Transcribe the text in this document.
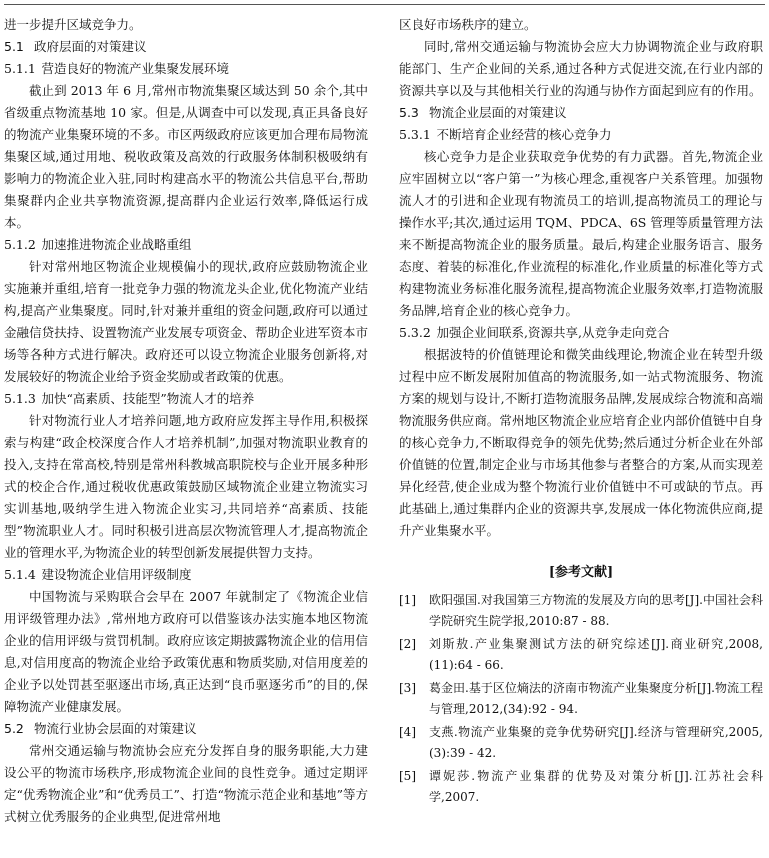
进一步提升区域竞争力。

5.1 政府层面的对策建议
5.1.1 营造良好的物流产业集聚发展环境

截止到 2013 年 6 月,常州市物流集聚区域达到 50 余个,其中省级重点物流基地 10 家。但是,从调查中可以发现,真正具备良好的物流产业集聚环境的不多。市区两级政府应该更加合理布局物流集聚区域,通过用地、税收政策及高效的行政服务体制积极吸纳有影响力的物流企业入驻,同时构建高水平的物流公共信息平台,帮助集聚群内企业共享物流资源,提高群内企业运行效率,降低运行成本。

5.1.2 加速推进物流企业战略重组

针对常州地区物流企业规模偏小的现状,政府应鼓励物流企业实施兼并重组,培育一批竞争力强的物流龙头企业,优化物流产业结构,提高产业集聚度。同时,针对兼并重组的资金问题,政府可以通过金融信贷扶持、设置物流产业发展专项资金、帮助企业进军资本市场等各种方式进行解决。政府还可以设立物流企业服务创新将,对发展较好的物流企业给予资金奖励或者政策的优惠。

5.1.3 加快“高素质、技能型”物流人才的培养

针对物流行业人才培养问题,地方政府应发挥主导作用,积极探索与构建“政企校深度合作人才培养机制”,加强对物流职业教育的投入,支持在常高校,特别是常州科教城高职院校与企业开展多种形式的校企合作,通过税收优惠政策鼓励区域物流企业建立物流实习实训基地,吸纳学生进入物流企业实习,共同培养“高素质、技能型”物流职业人才。同时积极引进高层次物流管理人才,提高物流企业的管理水平,为物流企业的转型创新发展提供智力支持。

5.1.4 建设物流企业信用评级制度

中国物流与采购联合会早在 2007 年就制定了《物流企业信用评级管理办法》,常州地方政府可以借鉴该办法实施本地区物流企业的信用评级与赏罚机制。政府应该定期披露物流企业的信用信息,对信用度高的物流企业给予政策优惠和物质奖励,对信用度差的企业予以处罚甚至驱逐出市场,真正达到“良币驱逐劣币”的目的,保障物流产业健康发展。

5.2 物流行业协会层面的对策建议

常州交通运输与物流协会应充分发挥自身的服务职能,大力建设公平的物流市场秩序,形成物流企业间的良性竞争。通过定期评定“优秀物流企业”和“优秀员工”、打造“物流示范企业和基地”等方式树立优秀服务的企业典型,促进常州地

区良好市场秩序的建立。

同时,常州交通运输与物流协会应大力协调物流企业与政府职能部门、生产企业间的关系,通过各种方式促进交流,在行业内部的资源共享以及与其他相关行业的沟通与协作方面起到应有的作用。

5.3 物流企业层面的对策建议
5.3.1 不断培育企业经营的核心竞争力

核心竞争力是企业获取竞争优势的有力武器。首先,物流企业应牢固树立以“客户第一”为核心理念,重视客户关系管理。加强物流人才的引进和企业现有物流员工的培训,提高物流员工的理论与操作水平;其次,通过运用 TQM、PDCA、6S 管理等质量管理方法来不断提高物流企业的服务质量。最后,构建企业服务语言、服务态度、着装的标准化,作业流程的标准化,作业质量的标准化等方式构建物流业务标准化服务流程,提高物流企业服务效率,打造物流服务品牌,培育企业的核心竞争力。

5.3.2 加强企业间联系,资源共享,从竞争走向竞合

根据波特的价值链理论和微笑曲线理论,物流企业在转型升级过程中应不断发展附加值高的物流服务,如一站式物流服务、物流方案的规划与设计,不断打造物流服务品牌,发展成综合物流和高端物流服务供应商。常州地区物流企业应培育企业内部价值链中自身的核心竞争力,不断取得竞争的领先优势;然后通过分析企业在外部价值链的位置,制定企业与市场其他参与者整合的方案,从而实现差异化经营,使企业成为整个物流行业价值链中不可或缺的节点。再此基础上,通过集群内企业的资源共享,发展成一体化物流供应商,提升产业集聚水平。

[参考文献]
[1] 欧阳强国.对我国第三方物流的发展及方向的思考[J].中国社会科学院研究生院学报,2010:87 - 88.
[2] 刘斯敖.产业集聚测试方法的研究综述[J].商业研究,2008,(11):64 - 66.
[3] 葛金田.基于区位熵法的济南市物流产业集聚度分析[J].物流工程与管理,2012,(34):92 - 94.
[4] 支燕.物流产业集聚的竞争优势研究[J].经济与管理研究,2005,(3):39 - 42.
[5] 谭妮莎.物流产业集群的优势及对策分析[J].江苏社会科学,2007.
